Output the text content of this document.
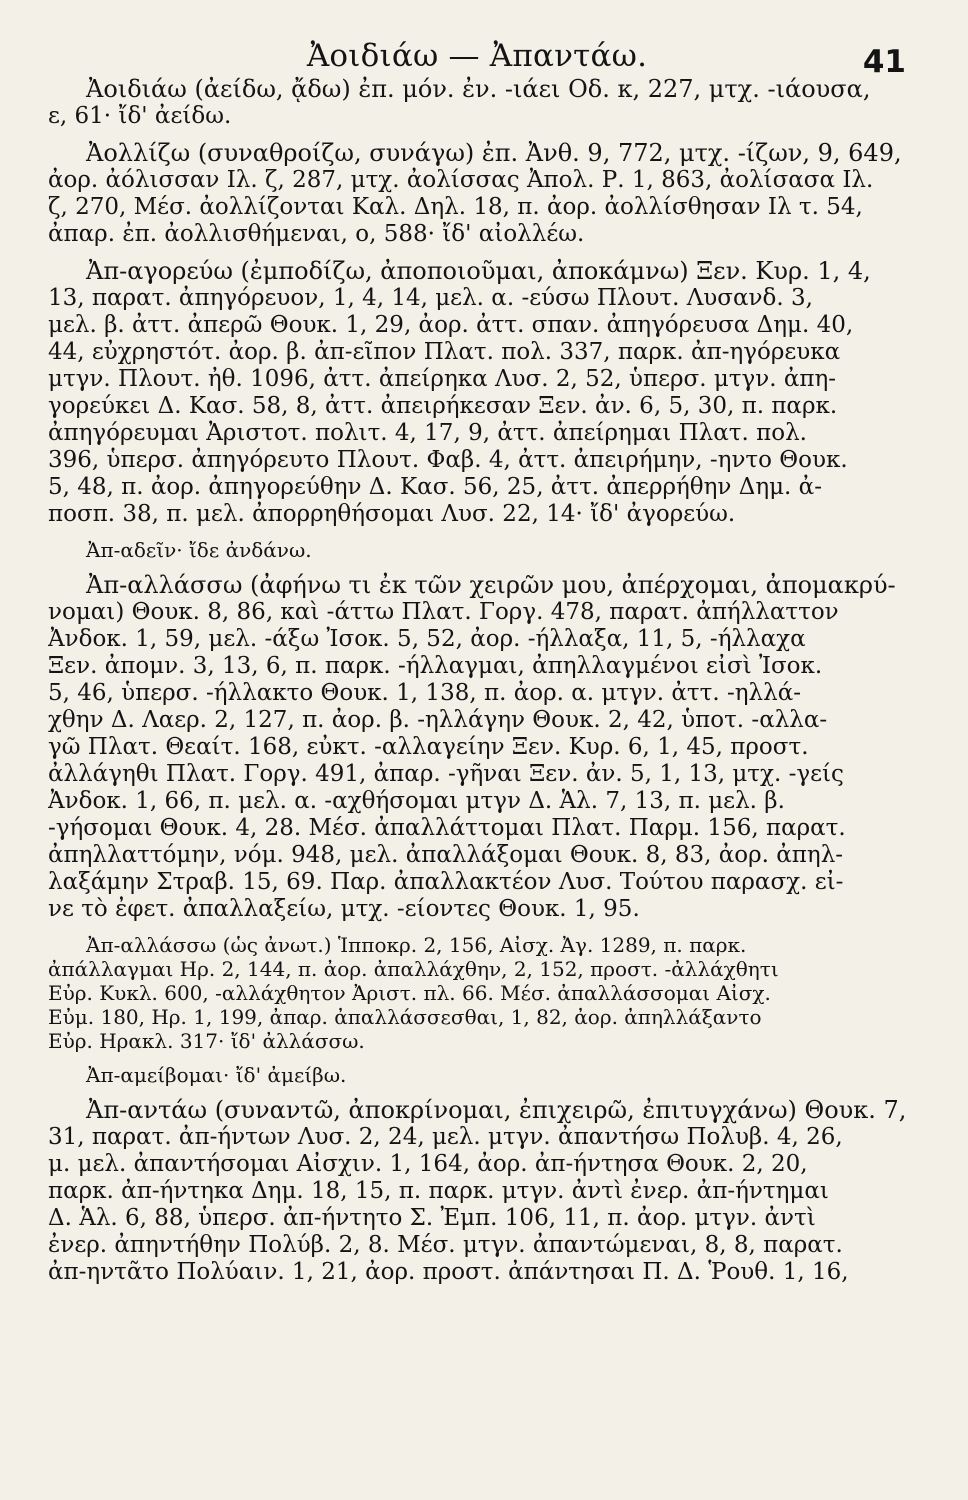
Ἀοιδιάω — Ἀπαντάω.	41

Ἀοιδιάω (ἀείδω, ᾄδω) ἐπ. μόν. ἐν. -ιάει Οδ. κ, 227, μτχ. -ιάουσα,
ε, 61· ἴδ' ἀείδω.

Ἀολλίζω (συναθροίζω, συνάγω) ἐπ. Ἀνθ. 9, 772, μτχ. -ίζων, 9, 649,
ἀορ. ἀόλισσαν Ιλ. ζ, 287, μτχ. ἀολίσσας Ἀπολ. Ρ. 1, 863, ἀολίσασα Ιλ.
ζ, 270, Μέσ. ἀολλίζονται Καλ. Δηλ. 18, π. ἀορ. ἀολλίσθησαν Ιλ τ. 54,
ἀπαρ. ἐπ. ἀολλισθήμεναι, ο, 588· ἴδ' αἰολλέω.

Ἀπ-αγορεύω (ἐμποδίζω, ἀποποιοῦμαι, ἀποκάμνω) Ξεν. Κυρ. 1, 4,
13, παρατ. ἀπηγόρευον, 1, 4, 14, μελ. α. -εύσω Πλουτ. Λυσανδ. 3,
μελ. β. ἀττ. ἀπερῶ Θουκ. 1, 29, ἀορ. ἀττ. σπαν. ἀπηγόρευσα Δημ. 40,
44, εὐχρηστότ. ἀορ. β. ἀπ-εῖπον Πλατ. πολ. 337, παρκ. ἀπ-ηγόρευκα
μτγν. Πλουτ. ἠθ. 1096, ἀττ. ἀπείρηκα Λυσ. 2, 52, ὑπερσ. μτγν. ἀπη-
γορεύκει Δ. Κασ. 58, 8, ἀττ. ἀπειρήκεσαν Ξεν. ἀν. 6, 5, 30, π. παρκ.
ἀπηγόρευμαι Ἀριστοτ. πολιτ. 4, 17, 9, ἀττ. ἀπείρημαι Πλατ. πολ.
396, ὑπερσ. ἀπηγόρευτο Πλουτ. Φαβ. 4, ἀττ. ἀπειρήμην, -ηντο Θουκ.
5, 48, π. ἀορ. ἀπηγορεύθην Δ. Κασ. 56, 25, ἀττ. ἀπερρήθην Δημ. ἀ-
ποσπ. 38, π. μελ. ἀπορρηθήσομαι Λυσ. 22, 14· ἴδ' ἀγορεύω.

Ἀπ-αδεῖν· ἴδε ἀνδάνω.

Ἀπ-αλλάσσω (ἀφήνω τι ἐκ τῶν χειρῶν μου, ἀπέρχομαι, ἀπομακρύ-
νομαι) Θουκ. 8, 86, καὶ -άττω Πλατ. Γοργ. 478, παρατ. ἀπήλλαττον
Ἀνδοκ. 1, 59, μελ. -άξω Ἰσοκ. 5, 52, ἀορ. -ήλλαξα, 11, 5, -ήλλαχα
Ξεν. ἀπομν. 3, 13, 6, π. παρκ. -ήλλαγμαι, ἀπηλλαγμένοι εἰσὶ Ἰσοκ.
5, 46, ὑπερσ. -ήλλακτο Θουκ. 1, 138, π. ἀορ. α. μτγν. ἀττ. -ηλλά-
χθην Δ. Λαερ. 2, 127, π. ἀορ. β. -ηλλάγην Θουκ. 2, 42, ὑποτ. -αλλα-
γῶ Πλατ. Θεαίτ. 168, εὐκτ. -αλλαγείην Ξεν. Κυρ. 6, 1, 45, προστ.
ἀλλάγηθι Πλατ. Γοργ. 491, ἀπαρ. -γῆναι Ξεν. ἀν. 5, 1, 13, μτχ. -γείς
Ἀνδοκ. 1, 66, π. μελ. α. -αχθήσομαι μτγν Δ. Ἁλ. 7, 13, π. μελ. β.
-γήσομαι Θουκ. 4, 28. Μέσ. ἀπαλλάττομαι Πλατ. Παρμ. 156, παρατ.
ἀπηλλαττόμην, νόμ. 948, μελ. ἀπαλλάξομαι Θουκ. 8, 83, ἀορ. ἀπηλ-
λαξάμην Στραβ. 15, 69. Παρ. ἀπαλλακτέον Λυσ. Τούτου παρασχ. εἶ-
νε τὸ ἐφετ. ἀπαλλαξείω, μτχ. -είοντες Θουκ. 1, 95.

Ἀπ-αλλάσσω (ὡς ἀνωτ.) Ἱπποκρ. 2, 156, Αἰσχ. Ἀγ. 1289, π. παρκ.
ἀπάλλαγμαι Ηρ. 2, 144, π. ἀορ. ἀπαλλάχθην, 2, 152, προστ. -ἀλλάχθητι
Εὐρ. Κυκλ. 600, -αλλάχθητον Ἀριστ. πλ. 66. Μέσ. ἀπαλλάσσομαι Αἰσχ.
Εὐμ. 180, Ηρ. 1, 199, ἀπαρ. ἀπαλλάσσεσθαι, 1, 82, ἀορ. ἀπηλλάξαντο
Εὐρ. Ηρακλ. 317· ἴδ' ἀλλάσσω.

Ἀπ-αμείβομαι· ἴδ' ἀμείβω.

Ἀπ-αντάω (συναντῶ, ἀποκρίνομαι, ἐπιχειρῶ, ἐπιτυγχάνω) Θουκ. 7,
31, παρατ. ἀπ-ήντων Λυσ. 2, 24, μελ. μτγν. ἀπαντήσω Πολυβ. 4, 26,
μ. μελ. ἀπαντήσομαι Αἰσχιν. 1, 164, ἀορ. ἀπ-ήντησα Θουκ. 2, 20,
παρκ. ἀπ-ήντηκα Δημ. 18, 15, π. παρκ. μτγν. ἀντὶ ἐνερ. ἀπ-ήντημαι
Δ. Ἁλ. 6, 88, ὑπερσ. ἀπ-ήντητο Σ. Ἐμπ. 106, 11, π. ἀορ. μτγν. ἀντὶ
ἐνερ. ἀπηντήθην Πολύβ. 2, 8. Μέσ. μτγν. ἀπαντώμεναι, 8, 8, παρατ.
ἀπ-ηντᾶτο Πολύαιν. 1, 21, ἀορ. προστ. ἀπάντησαι Π. Δ. Ῥουθ. 1, 16,
